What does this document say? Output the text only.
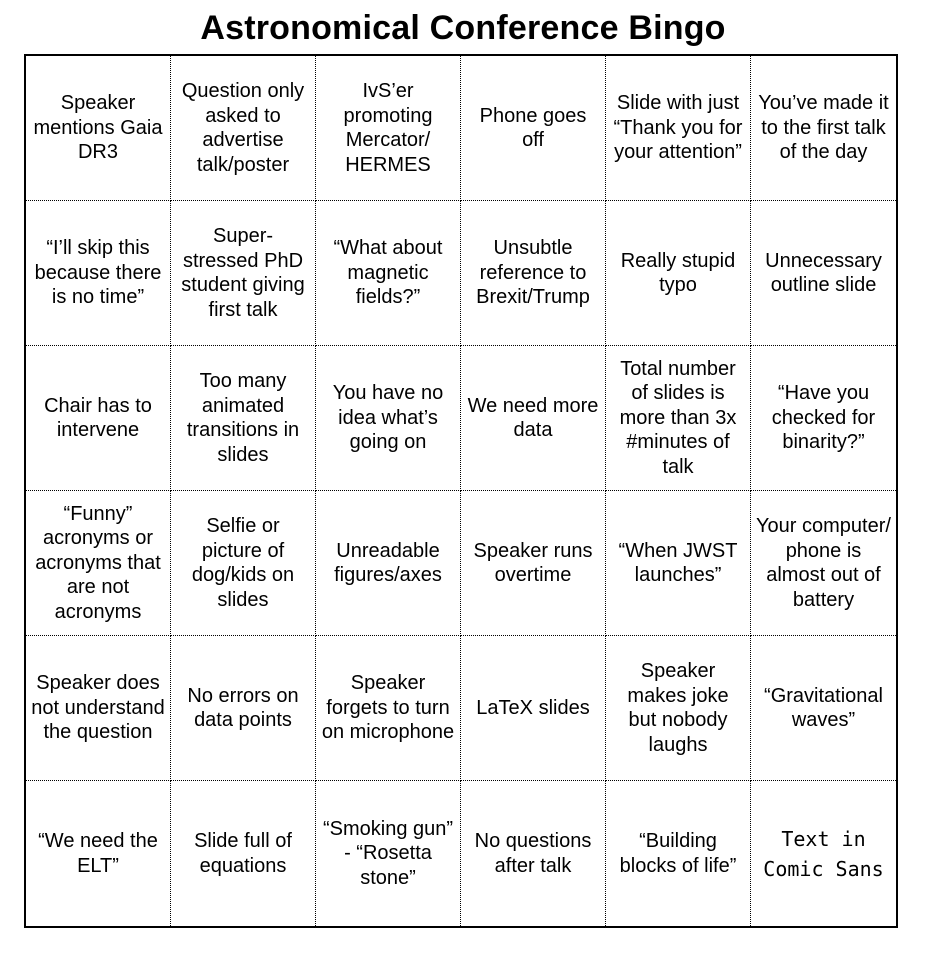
Astronomical Conference Bingo
Speaker mentions Gaia DR3
Question only asked to advertise talk/poster
IvS’er promoting Mercator/ HERMES
Phone goes off
Slide with just “Thank you for your attention”
You’ve made it to the first talk of the day
“I’ll skip this because there is no time”
Super-stressed PhD student giving first talk
“What about magnetic fields?”
Unsubtle reference to Brexit/Trump
Really stupid typo
Unnecessary outline slide
Chair has to intervene
Too many animated transitions in slides
You have no idea what’s going on
We need more data
Total number of slides is more than 3x #minutes of talk
“Have you checked for binarity?”
“Funny” acronyms or acronyms that are not acronyms
Selfie or picture of dog/kids on slides
Unreadable figures/axes
Speaker runs overtime
“When JWST launches”
Your computer/ phone is almost out of battery
Speaker does not understand the question
No errors on data points
Speaker forgets to turn on microphone
LaTeX slides
Speaker makes joke but nobody laughs
“Gravitational waves”
“We need the ELT”
Slide full of equations
“Smoking gun” - “Rosetta stone”
No questions after talk
“Building blocks of life”
Text in Comic Sans
